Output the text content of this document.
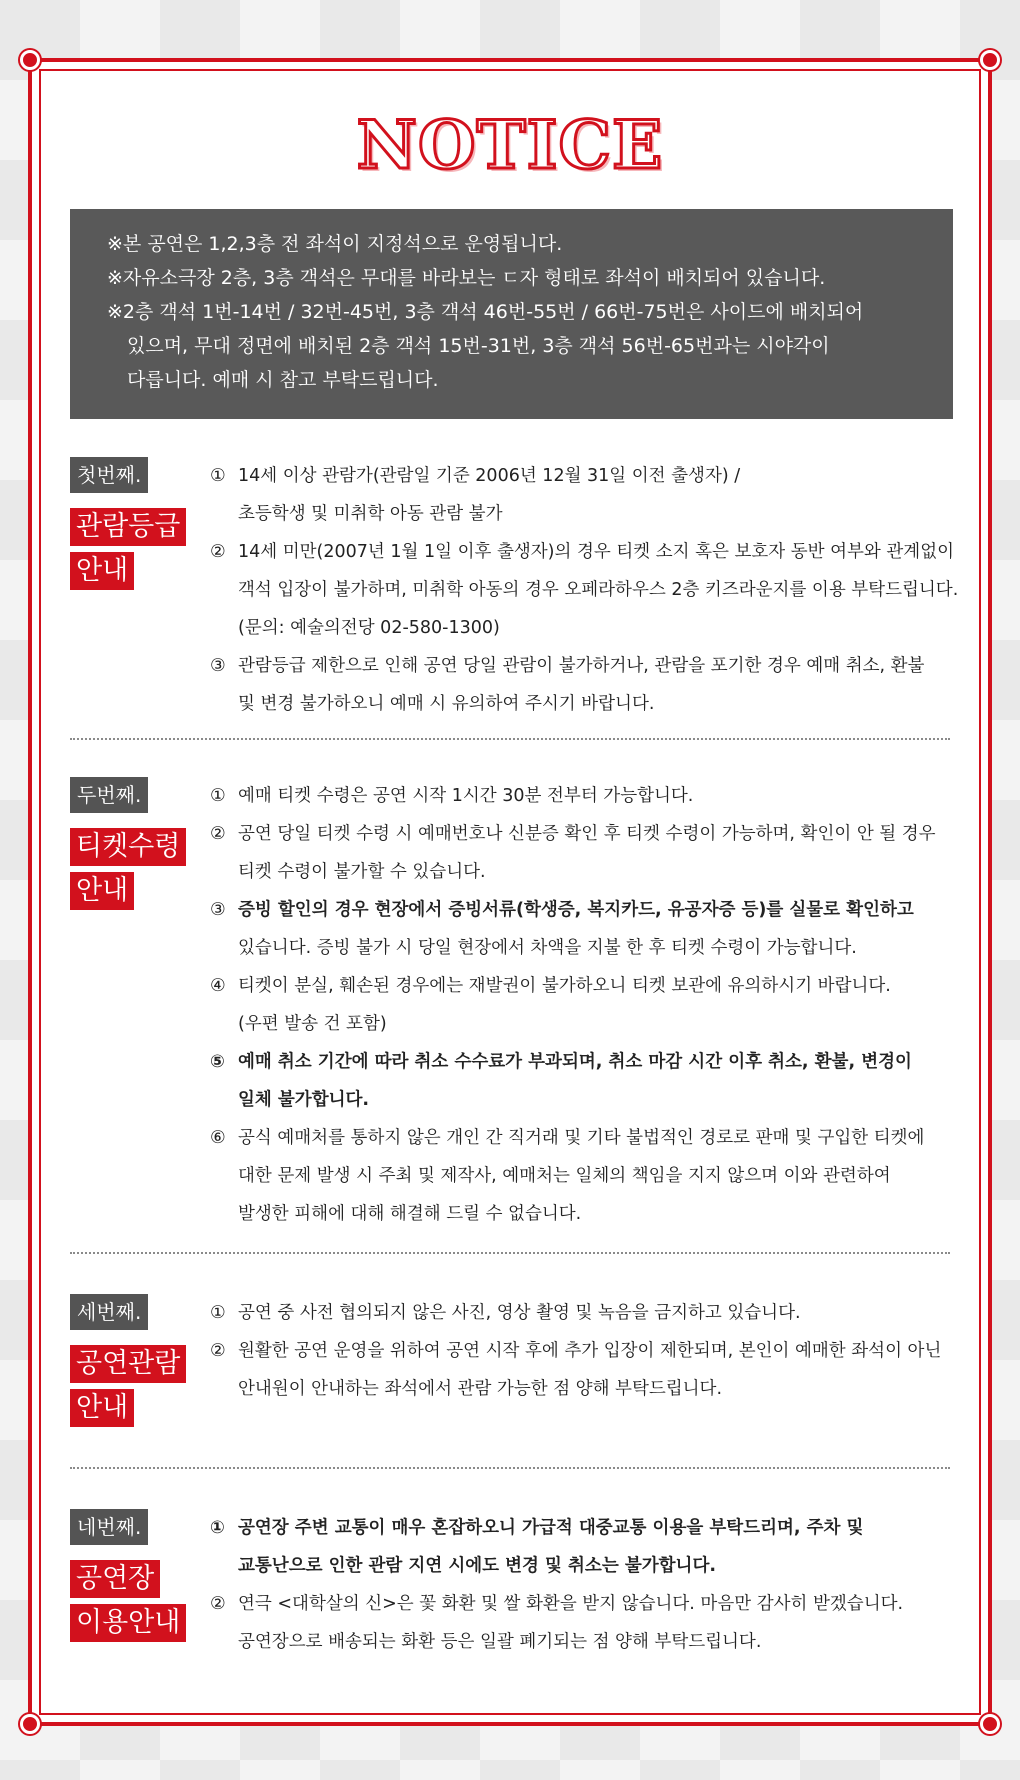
NOTICE
※본 공연은 1,2,3층 전 좌석이 지정석으로 운영됩니다.
※자유소극장 2층, 3층 객석은 무대를 바라보는 ㄷ자 형태로 좌석이 배치되어 있습니다.
※2층 객석 1번-14번 / 32번-45번, 3층 객석 46번-55번 / 66번-75번은 사이드에 배치되어
있으며, 무대 정면에 배치된 2층 객석 15번-31번, 3층 객석 56번-65번과는 시야각이
다릅니다. 예매 시 참고 부탁드립니다.
첫번째.
관람등급
안내
① 14세 이상 관람가(관람일 기준 2006년 12월 31일 이전 출생자) /
초등학생 및 미취학 아동 관람 불가
② 14세 미만(2007년 1월 1일 이후 출생자)의 경우 티켓 소지 혹은 보호자 동반 여부와 관계없이
객석 입장이 불가하며, 미취학 아동의 경우 오페라하우스 2층 키즈라운지를 이용 부탁드립니다.
(문의: 예술의전당 02-580-1300)
③ 관람등급 제한으로 인해 공연 당일 관람이 불가하거나, 관람을 포기한 경우 예매 취소, 환불
및 변경 불가하오니 예매 시 유의하여 주시기 바랍니다.
두번째.
티켓수령
안내
① 예매 티켓 수령은 공연 시작 1시간 30분 전부터 가능합니다.
② 공연 당일 티켓 수령 시 예매번호나 신분증 확인 후 티켓 수령이 가능하며, 확인이 안 될 경우
티켓 수령이 불가할 수 있습니다.
③ 증빙 할인의 경우 현장에서 증빙서류(학생증, 복지카드, 유공자증 등)를 실물로 확인하고
있습니다. 증빙 불가 시 당일 현장에서 차액을 지불 한 후 티켓 수령이 가능합니다.
④ 티켓이 분실, 훼손된 경우에는 재발권이 불가하오니 티켓 보관에 유의하시기 바랍니다.
(우편 발송 건 포함)
⑤ 예매 취소 기간에 따라 취소 수수료가 부과되며, 취소 마감 시간 이후 취소, 환불, 변경이
일체 불가합니다.
⑥ 공식 예매처를 통하지 않은 개인 간 직거래 및 기타 불법적인 경로로 판매 및 구입한 티켓에
대한 문제 발생 시 주최 및 제작사, 예매처는 일체의 책임을 지지 않으며 이와 관련하여
발생한 피해에 대해 해결해 드릴 수 없습니다.
세번째.
공연관람
안내
① 공연 중 사전 협의되지 않은 사진, 영상 촬영 및 녹음을 금지하고 있습니다.
② 원활한 공연 운영을 위하여 공연 시작 후에 추가 입장이 제한되며, 본인이 예매한 좌석이 아닌
안내원이 안내하는 좌석에서 관람 가능한 점 양해 부탁드립니다.
네번째.
공연장
이용안내
① 공연장 주변 교통이 매우 혼잡하오니 가급적 대중교통 이용을 부탁드리며, 주차 및
교통난으로 인한 관람 지연 시에도 변경 및 취소는 불가합니다.
② 연극 <대학살의 신>은 꽃 화환 및 쌀 화환을 받지 않습니다. 마음만 감사히 받겠습니다.
공연장으로 배송되는 화환 등은 일괄 폐기되는 점 양해 부탁드립니다.
